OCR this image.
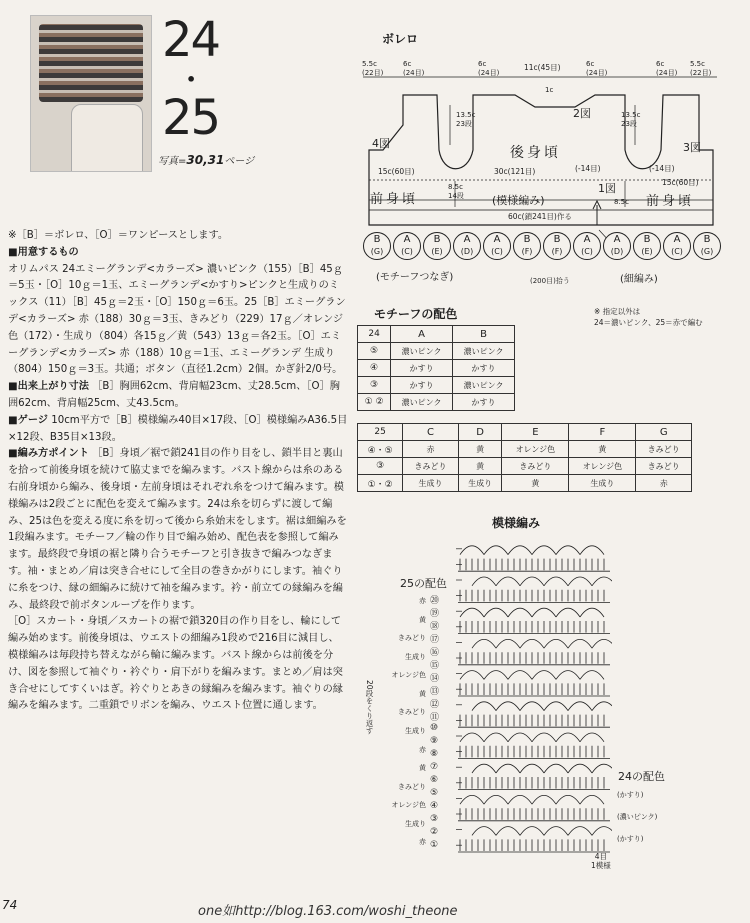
24
•
25
写真=30,31ページ

※［B］＝ボレロ、［O］＝ワンピースとします。

■用意するもの

オリムパス 24エミーグランデ<カラーズ> 濃いピンク（155）［B］45ｇ＝5玉・［O］10ｇ＝1玉、エミーグランデ<かすり>ピンクと生成りのミックス（11）［B］45ｇ＝2玉・［O］150ｇ＝6玉。25［B］エミーグランデ<カラーズ> 赤（188）30ｇ＝3玉、きみどり（229）17ｇ／オレンジ色（172）・生成り（804）各15ｇ／黄（543）13ｇ＝各2玉。［O］エミーグランデ<カラーズ> 赤（188）10ｇ＝1玉、エミーグランデ 生成り（804）150ｇ＝3玉。共通；ボタン（直径1.2cm）2個。かぎ針2/0号。

■出来上がり寸法 ［B］胸囲62cm、背肩幅23cm、丈28.5cm、［O］胸囲62cm、背肩幅25cm、丈43.5cm。

■ゲージ 10cm平方で［B］模様編み40目×17段、［O］模様編みA36.5目×12段、B35目×13段。

■編み方ポイント ［B］身頃／裾で鎖241目の作り目をし、鎖半目と裏山を拾って前後身頃を続けて脇丈までを編みます。バスト線からは糸のある右前身頃から編み、後身頃・左前身頃はそれぞれ糸をつけて編みます。模様編みは2段ごとに配色を変えて編みます。24は糸を切らずに渡して編み、25は色を変える度に糸を切って後から糸始末をします。裾は細編みを1段編みます。モチーフ／輪の作り目で編み始め、配色表を参照して編みます。最終段で身頃の裾と隣り合うモチーフと引き抜きで編みつなぎます。袖・まとめ／肩は突き合せにして全目の巻きかがりにします。袖ぐりに糸をつけ、縁の細編みに続けて袖を編みます。衿・前立ての縁編みを編み、最終段で前ボタンループを作ります。

［O］スカート・身頃／スカートの裾で鎖320目の作り目をし、輪にして編み始めます。前後身頃は、ウエストの細編み1段めで216目に減目し、模様編みは毎段持ち替えながら輪に編みます。バスト線からは前後を分け、図を参照して袖ぐり・衿ぐり・肩下がりを編みます。まとめ／肩は突き合せにしてすくいはぎ。衿ぐりとあきの縁編みを編みます。袖ぐりの縁編みを編みます。二重鎖でリボンを編み、ウエスト位置に通します。

74	one如http://blog.163.com/woshi_theone
ボレロ
5.5c
(22目)
6c
(24目)
6c
(24目)
11c(45目)	6c
(24目)
6c
(24目)
5.5c
(22目)
1c
4図
2図
3図
1図
後身頃
前身頃	前身頃
(模様編み)
15c(60目)	30c(121目)
15c(60目)
60c(鎖241目)作る
13.5c
23段
13.5c
23段
8.5c
14段
8.5c
(-14目)	(-14目)
B
(G)
A
(C)
B
(E)
A
(D)
A
(C)
B
(F)
B
(F)
A
(C)
A
(D)
B
(E)
A
(C)
B
(G)
(モチーフつなぎ)	(200目)拾う	(細編み)
モチーフの配色	※ 指定以外は
24＝濃いピンク、25＝赤で編む
24	A	B
⑤	濃いピンク	濃いピンク
④	かすり	かすり
③	かすり	濃いピンク
① ②	濃いピンク	かすり
25	C	D	E	F	G
④・⑤	赤	黄	オレンジ色	黄	きみどり
③	きみどり	黄	きみどり	オレンジ色	きみどり
①・②	生成り	生成り	黄	生成り	赤
模様編み
25の配色
24の配色
20段をくり返す
4目
1模様
赤
黄
きみどり
生成り
オレンジ色
黄
きみどり
生成り
赤
黄
きみどり
オレンジ色
生成り
赤
⑳
⑲
⑱
⑰
⑯
⑮
⑭
⑬
⑫
⑪
⑩
⑨
⑧
⑦
⑥
⑤
④
③
②
①
(かすり)
(濃いピンク)
(かすり)
